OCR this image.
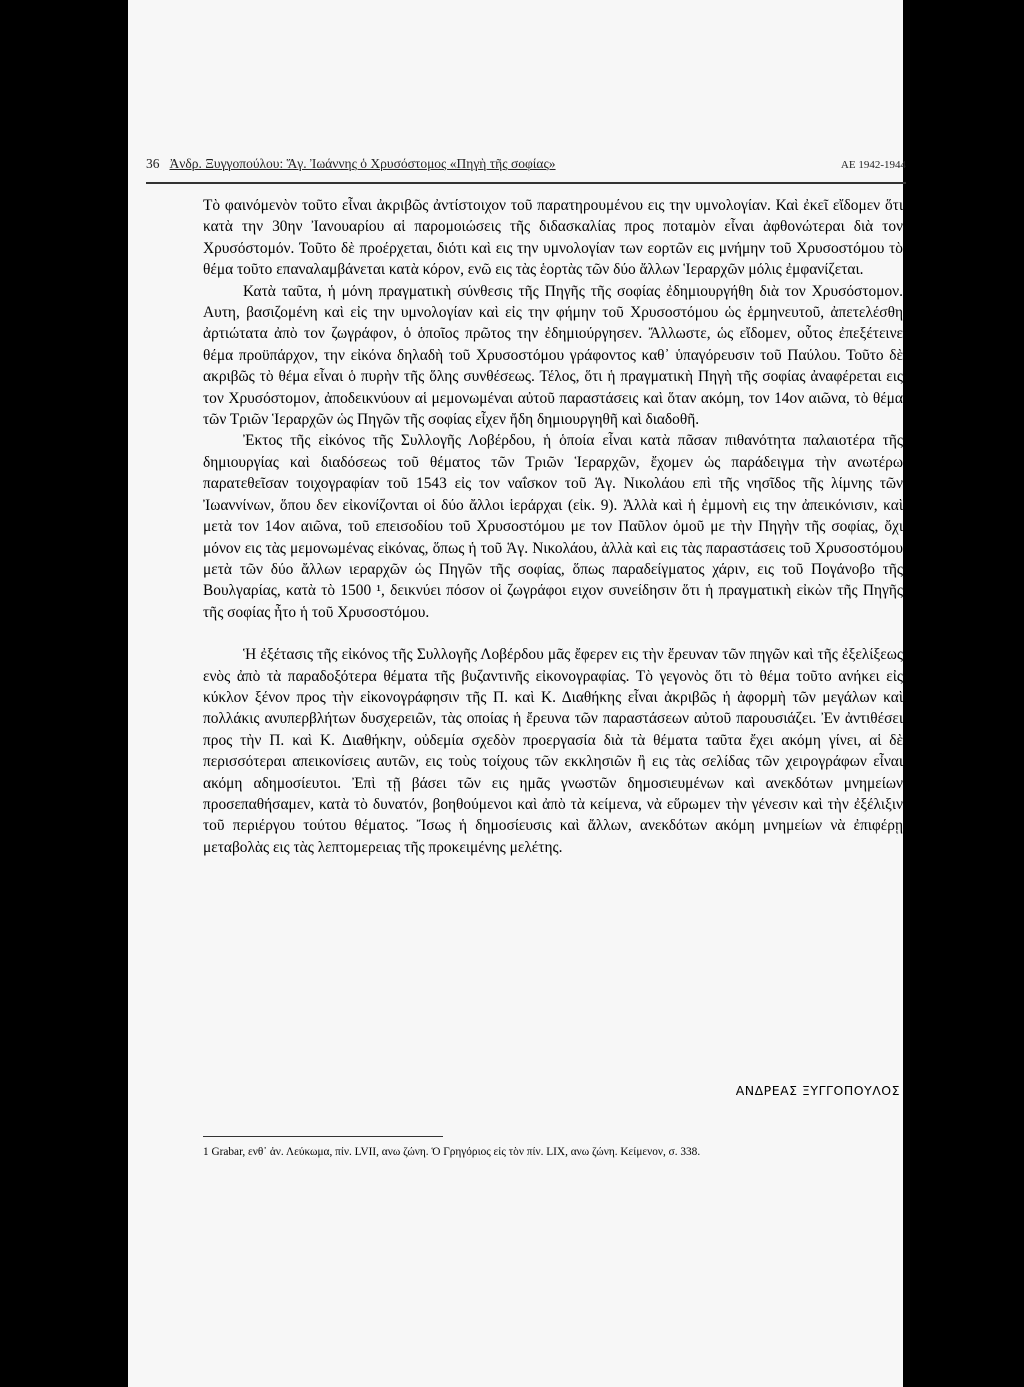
36 Ἀνδρ. Ξυγγοπούλου: Ἅγ. Ἰωάννης ὁ Χρυσόστομος «Πηγὴ τῆς σοφίας»	ΑΕ 1942-1944

Τὸ φαινόμενὸν τοῦτο εἶναι ἀκριβῶς ἀντίστοιχον τοῦ παρατηρουμένου εις την υμνολογίαν. Καὶ ἐκεῖ εἴδομεν ὅτι κατὰ την 30ην Ἰανουαρίου αἱ παρομοιώσεις τῆς διδασκαλίας προς ποταμὸν εἶναι ἀφθονώτεραι διὰ τον Χρυσόστομόν. Τοῦτο δὲ προέρχεται, διότι καὶ εις την υμνολογίαν των εορτῶν εις μνήμην τοῦ Χρυσοστόμου τὸ θέμα τοῦτο επαναλαμβάνεται κατὰ κόρον, ενῶ εις τὰς ἑορτὰς τῶν δύο ἄλλων Ἱεραρχῶν μόλις ἐμφανίζεται.

Κατὰ ταῦτα, ἡ μόνη πραγματικὴ σύνθεσις τῆς Πηγῆς τῆς σοφίας ἐδημιουργήθη διὰ τον Χρυσόστομον. Αυτη, βασιζομένη καὶ εἰς την υμνολογίαν καὶ εἰς την φήμην τοῦ Χρυσοστόμου ὡς ἑρμηνευτοῦ, ἀπετελέσθη ἀρτιώτατα ἀπὸ τον ζωγράφον, ὁ ὁποῖος πρῶτος την ἐδημιούργησεν. Ἄλλωστε, ὡς εἴδομεν, οὗτος ἐπεξέτεινε θέμα προϋπάρχον, την εἰκόνα δηλαδὴ τοῦ Χρυσοστόμου γράφοντος καθ᾽ ὑπαγόρευσιν τοῦ Παύλου. Τοῦτο δὲ ακριβῶς τὸ θέμα εἶναι ὁ πυρὴν τῆς ὅλης συνθέσεως. Τέλος, ὅτι ἡ πραγματικὴ Πηγὴ τῆς σοφίας ἀναφέρεται εις τον Χρυσόστομον, ἀποδεικνύουν αἱ μεμονωμέναι αὐτοῦ παραστάσεις καὶ ὅταν ακόμη, τον 14ον αιῶνα, τὸ θέμα τῶν Τριῶν Ἱεραρχῶν ὡς Πηγῶν τῆς σοφίας εἶχεν ἤδη δημιουργηθῆ καὶ διαδοθῆ.

Ἐκτος τῆς εἰκόνος τῆς Συλλογῆς Λοβέρδου, ἡ ὁποία εἶναι κατὰ πᾶσαν πιθανότητα παλαιοτέρα τῆς δημιουργίας καὶ διαδόσεως τοῦ θέματος τῶν Τριῶν Ἱεραρχῶν, ἔχομεν ὡς παράδειγμα τὴν ανωτέρω παρατεθεῖσαν τοιχογραφίαν τοῦ 1543 εἰς τον ναΐσκον τοῦ Ἁγ. Νικολάου επὶ τῆς νησῖδος τῆς λίμνης τῶν Ἰωαννίνων, ὅπου δεν εἰκονίζονται οἱ δύο ἄλλοι ἱεράρχαι (εἰκ. 9). Ἀλλὰ καὶ ἡ ἐμμονὴ εις την ἀπεικόνισιν, καὶ μετὰ τον 14ον αιῶνα, τοῦ επεισοδίου τοῦ Χρυσοστόμου με τον Παῦλον ὁμοῦ με τὴν Πηγὴν τῆς σοφίας, ὄχι μόνον εις τὰς μεμονωμένας εἰκόνας, ὅπως ἡ τοῦ Ἁγ. Νικολάου, ἀλλὰ καὶ εις τὰς παραστάσεις τοῦ Χρυσοστόμου μετὰ τῶν δύο ἄλλων ιεραρχῶν ὡς Πηγῶν τῆς σοφίας, ὅπως παραδείγματος χάριν, εις τοῦ Πογάνοβο τῆς Βουλγαρίας, κατὰ τὸ 1500 ¹, δεικνύει πόσον οἱ ζωγράφοι ειχον συνείδησιν ὅτι ἡ πραγματικὴ εἰκὼν τῆς Πηγῆς τῆς σοφίας ἦτο ἡ τοῦ Χρυσοστόμου.

Ἡ ἐξέτασις τῆς εἰκόνος τῆς Συλλογῆς Λοβέρδου μᾶς ἔφερεν εις τὴν ἔρευναν τῶν πηγῶν καὶ τῆς ἐξελίξεως ενὸς ἀπὸ τὰ παραδοξότερα θέματα τῆς βυζαντινῆς εἰκονογραφίας. Τὸ γεγονὸς ὅτι τὸ θέμα τοῦτο ανήκει εἰς κύκλον ξένον προς τὴν εἰκονογράφησιν τῆς Π. καὶ Κ. Διαθήκης εἶναι ἀκριβῶς ἡ ἀφορμὴ τῶν μεγάλων καὶ πολλάκις ανυπερβλήτων δυσχερειῶν, τὰς οποίας ἡ ἔρευνα τῶν παραστάσεων αὐτοῦ παρουσιάζει. Ἐν ἀντιθέσει προς τὴν Π. καὶ Κ. Διαθήκην, οὐδεμία σχεδὸν προεργασία διὰ τὰ θέματα ταῦτα ἔχει ακόμη γίνει, αἱ δὲ περισσότεραι απεικονίσεις αυτῶν, εις τοὺς τοίχους τῶν εκκλησιῶν ἢ εις τὰς σελίδας τῶν χειρογράφων εἶναι ακόμη αδημοσίευτοι. Ἐπὶ τῇ βάσει τῶν εις ημᾶς γνωστῶν δημοσιευμένων καὶ ανεκδότων μνημείων προσεπαθήσαμεν, κατὰ τὸ δυνατόν, βοηθούμενοι καὶ ἀπὸ τὰ κείμενα, νὰ εὕρωμεν τὴν γένεσιν καὶ τὴν ἐξέλιξιν τοῦ περιέργου τούτου θέματος. Ἴσως ἡ δημοσίευσις καὶ ἄλλων, ανεκδότων ακόμη μνημείων νὰ ἐπιφέρῃ μεταβολὰς εις τὰς λεπτομερειας τῆς προκειμένης μελέτης.

ΑΝΔΡΕΑΣ ΞΥΓΓΟΠΟΥΛΟΣ
1 Grabar, ενθ᾽ ἀν. Λεύκωμα, πίν. LVII, ανω ζώνη. Ὁ Γρηγόριος εἰς τὸν πίν. LIX, ανω ζώνη. Κείμενον, σ. 338.
